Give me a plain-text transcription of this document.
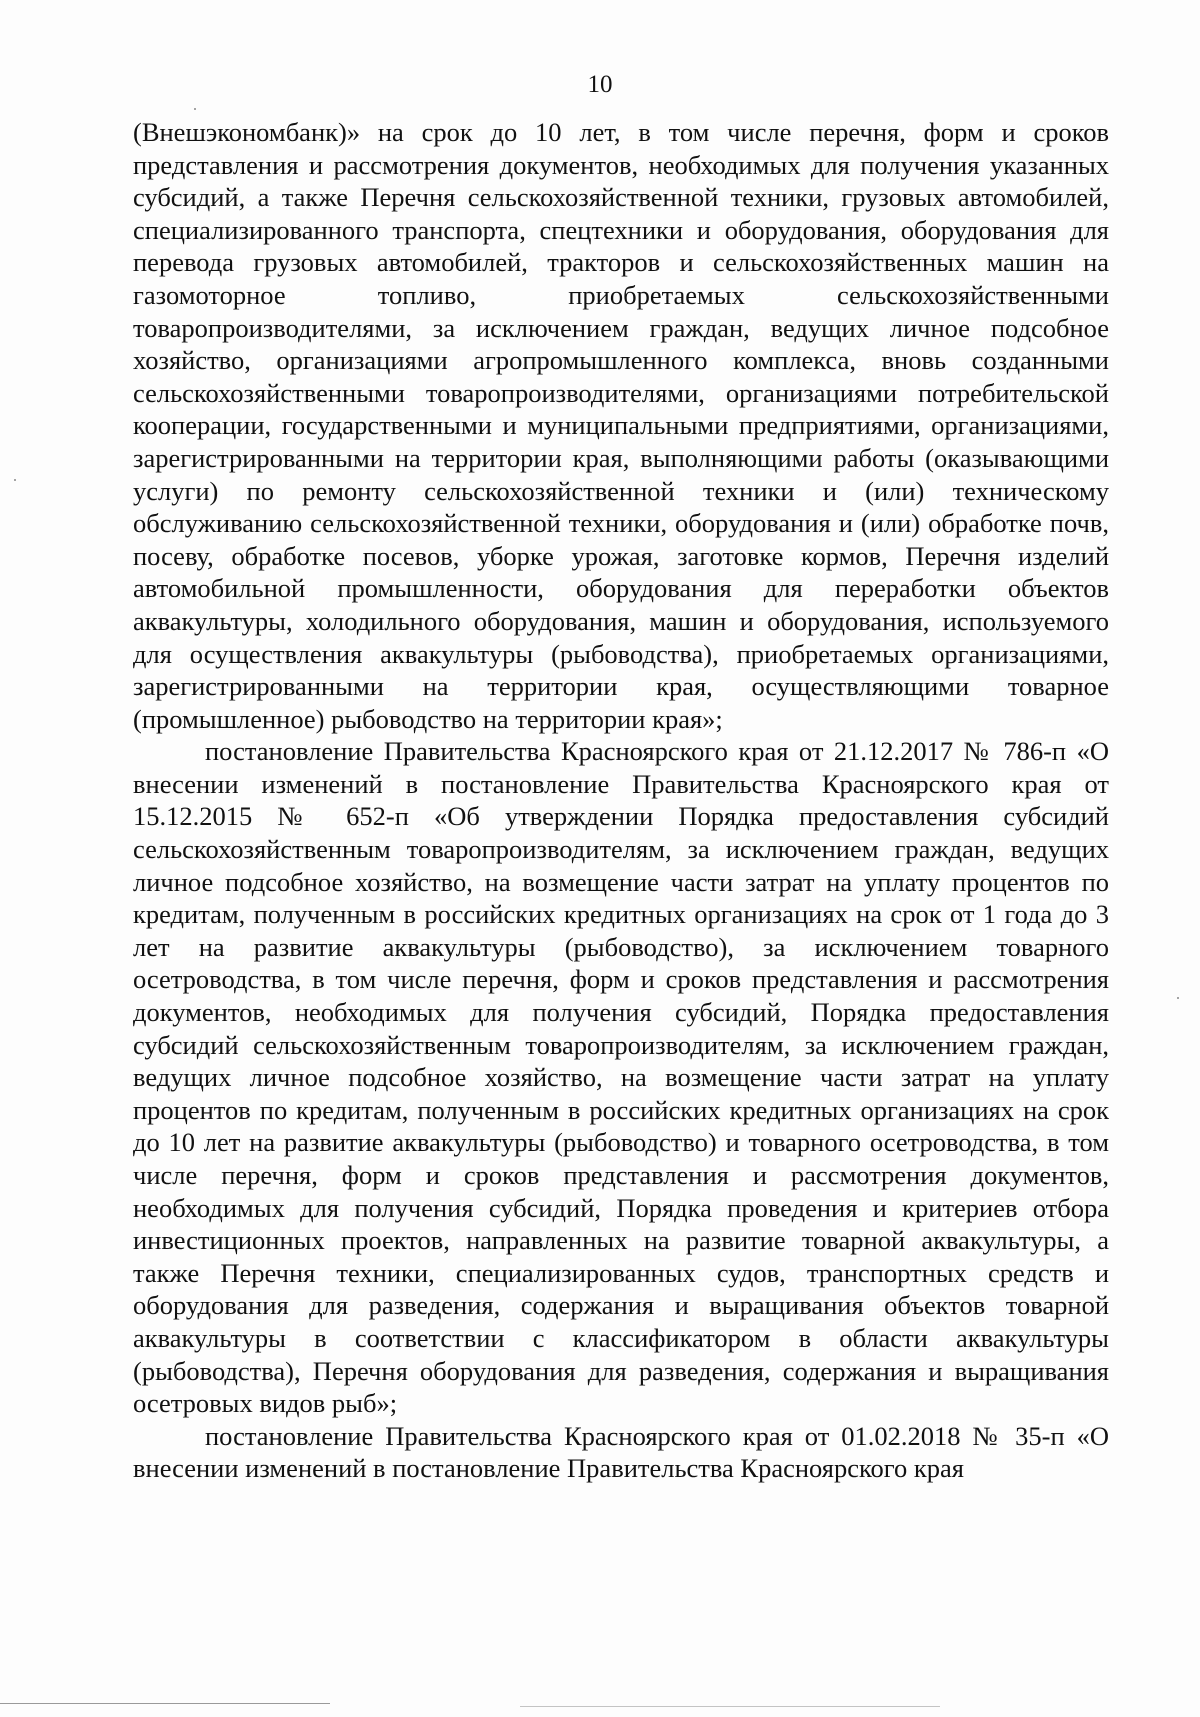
10

(Внешэкономбанк)» на срок до 10 лет, в том числе перечня, форм и сроков представления и рассмотрения документов, необходимых для получения указанных субсидий, а также Перечня сельскохозяйственной техники, грузовых автомобилей, специализированного транспорта, спецтехники и оборудования, оборудования для перевода грузовых автомобилей, тракторов и сельскохозяйственных машин на газомоторное топливо, приобретаемых сельскохозяйственными товаропроизводителями, за исключением граждан, ведущих личное подсобное хозяйство, организациями агропромышленного комплекса, вновь созданными сельскохозяйственными товаропроизводителями, организациями потребительской кооперации, государственными и муниципальными предприятиями, организациями, зарегистрированными на территории края, выполняющими работы (оказывающими услуги) по ремонту сельскохозяйственной техники и (или) техническому обслуживанию сельскохозяйственной техники, оборудования и (или) обработке почв, посеву, обработке посевов, уборке урожая, заготовке кормов, Перечня изделий автомобильной промышленности, оборудования для переработки объектов аквакультуры, холодильного оборудования, машин и оборудования, используемого для осуществления аквакультуры (рыбоводства), приобретаемых организациями, зарегистрированными на территории края, осуществляющими товарное (промышленное) рыбоводство на территории края»;

постановление Правительства Красноярского края от 21.12.2017 № 786-п «О внесении изменений в постановление Правительства Красноярского края от 15.12.2015 № 652-п «Об утверждении Порядка предоставления субсидий сельскохозяйственным товаропроизводителям, за исключением граждан, ведущих личное подсобное хозяйство, на возмещение части затрат на уплату процентов по кредитам, полученным в российских кредитных организациях на срок от 1 года до 3 лет на развитие аквакультуры (рыбоводство), за исключением товарного осетроводства, в том числе перечня, форм и сроков представления и рассмотрения документов, необходимых для получения субсидий, Порядка предоставления субсидий сельскохозяйственным товаропроизводителям, за исключением граждан, ведущих личное подсобное хозяйство, на возмещение части затрат на уплату процентов по кредитам, полученным в российских кредитных организациях на срок до 10 лет на развитие аквакультуры (рыбоводство) и товарного осетроводства, в том числе перечня, форм и сроков представления и рассмотрения документов, необходимых для получения субсидий, Порядка проведения и критериев отбора инвестиционных проектов, направленных на развитие товарной аквакультуры, а также Перечня техники, специализированных судов, транспортных средств и оборудования для разведения, содержания и выращивания объектов товарной аквакультуры в соответствии с классификатором в области аквакультуры (рыбоводства), Перечня оборудования для разведения, содержания и выращивания осетровых видов рыб»;

постановление Правительства Красноярского края от 01.02.2018 № 35-п «О внесении изменений в постановление Правительства Красноярского края
